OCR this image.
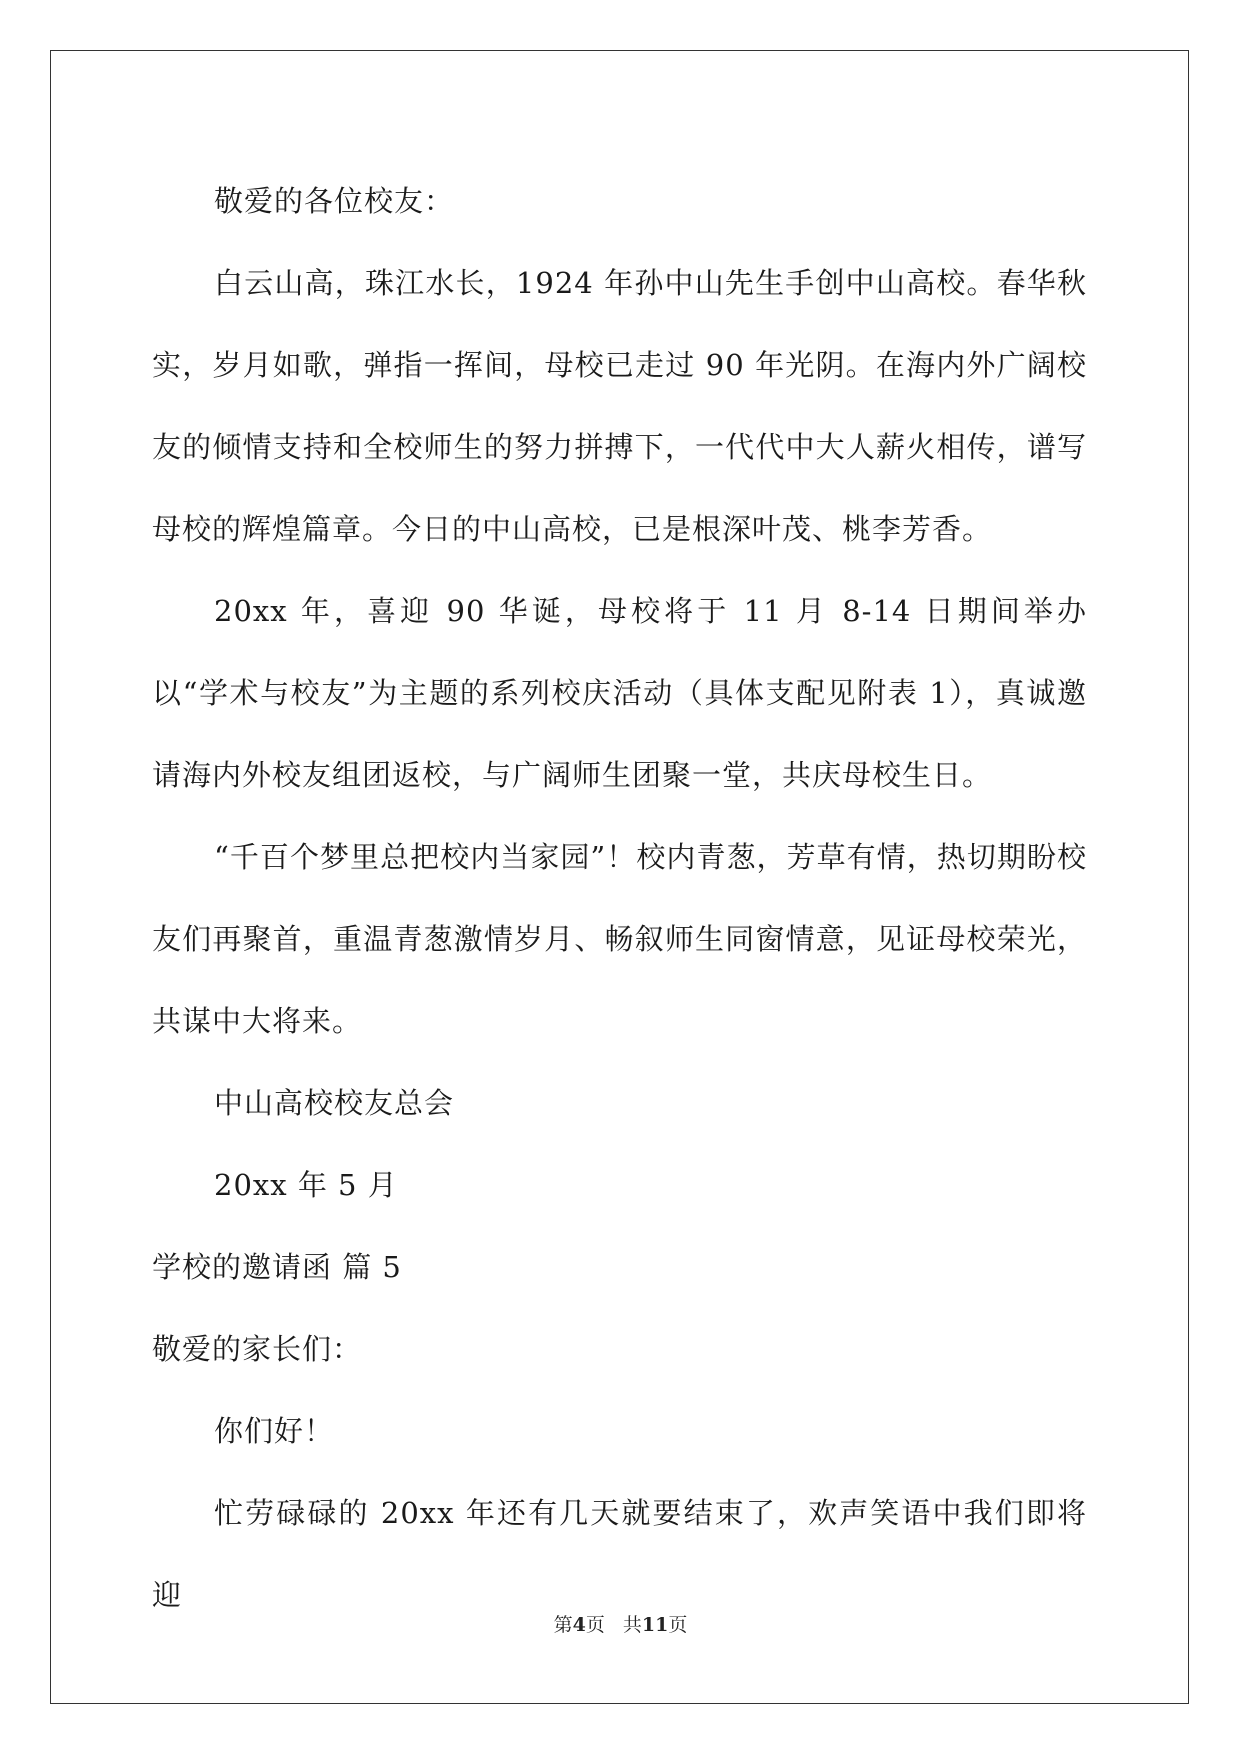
敬爱的各位校友：

白云山高，珠江水长，1924 年孙中山先生手创中山高校。春华秋实，岁月如歌，弹指一挥间，母校已走过 90 年光阴。在海内外广阔校友的倾情支持和全校师生的努力拼搏下，一代代中大人薪火相传，谱写母校的辉煌篇章。今日的中山高校，已是根深叶茂、桃李芳香。

20xx 年，喜迎 90 华诞，母校将于 11 月 8-14 日期间举办以“学术与校友”为主题的系列校庆活动（具体支配见附表 1），真诚邀请海内外校友组团返校，与广阔师生团聚一堂，共庆母校生日。

“千百个梦里总把校内当家园”！校内青葱，芳草有情，热切期盼校友们再聚首，重温青葱激情岁月、畅叙师生同窗情意，见证母校荣光，共谋中大将来。

中山高校校友总会

20xx 年 5 月

学校的邀请函 篇 5

敬爱的家长们：

你们好！

忙劳碌碌的 20xx 年还有几天就要结束了，欢声笑语中我们即将迎

第4页 共11页
